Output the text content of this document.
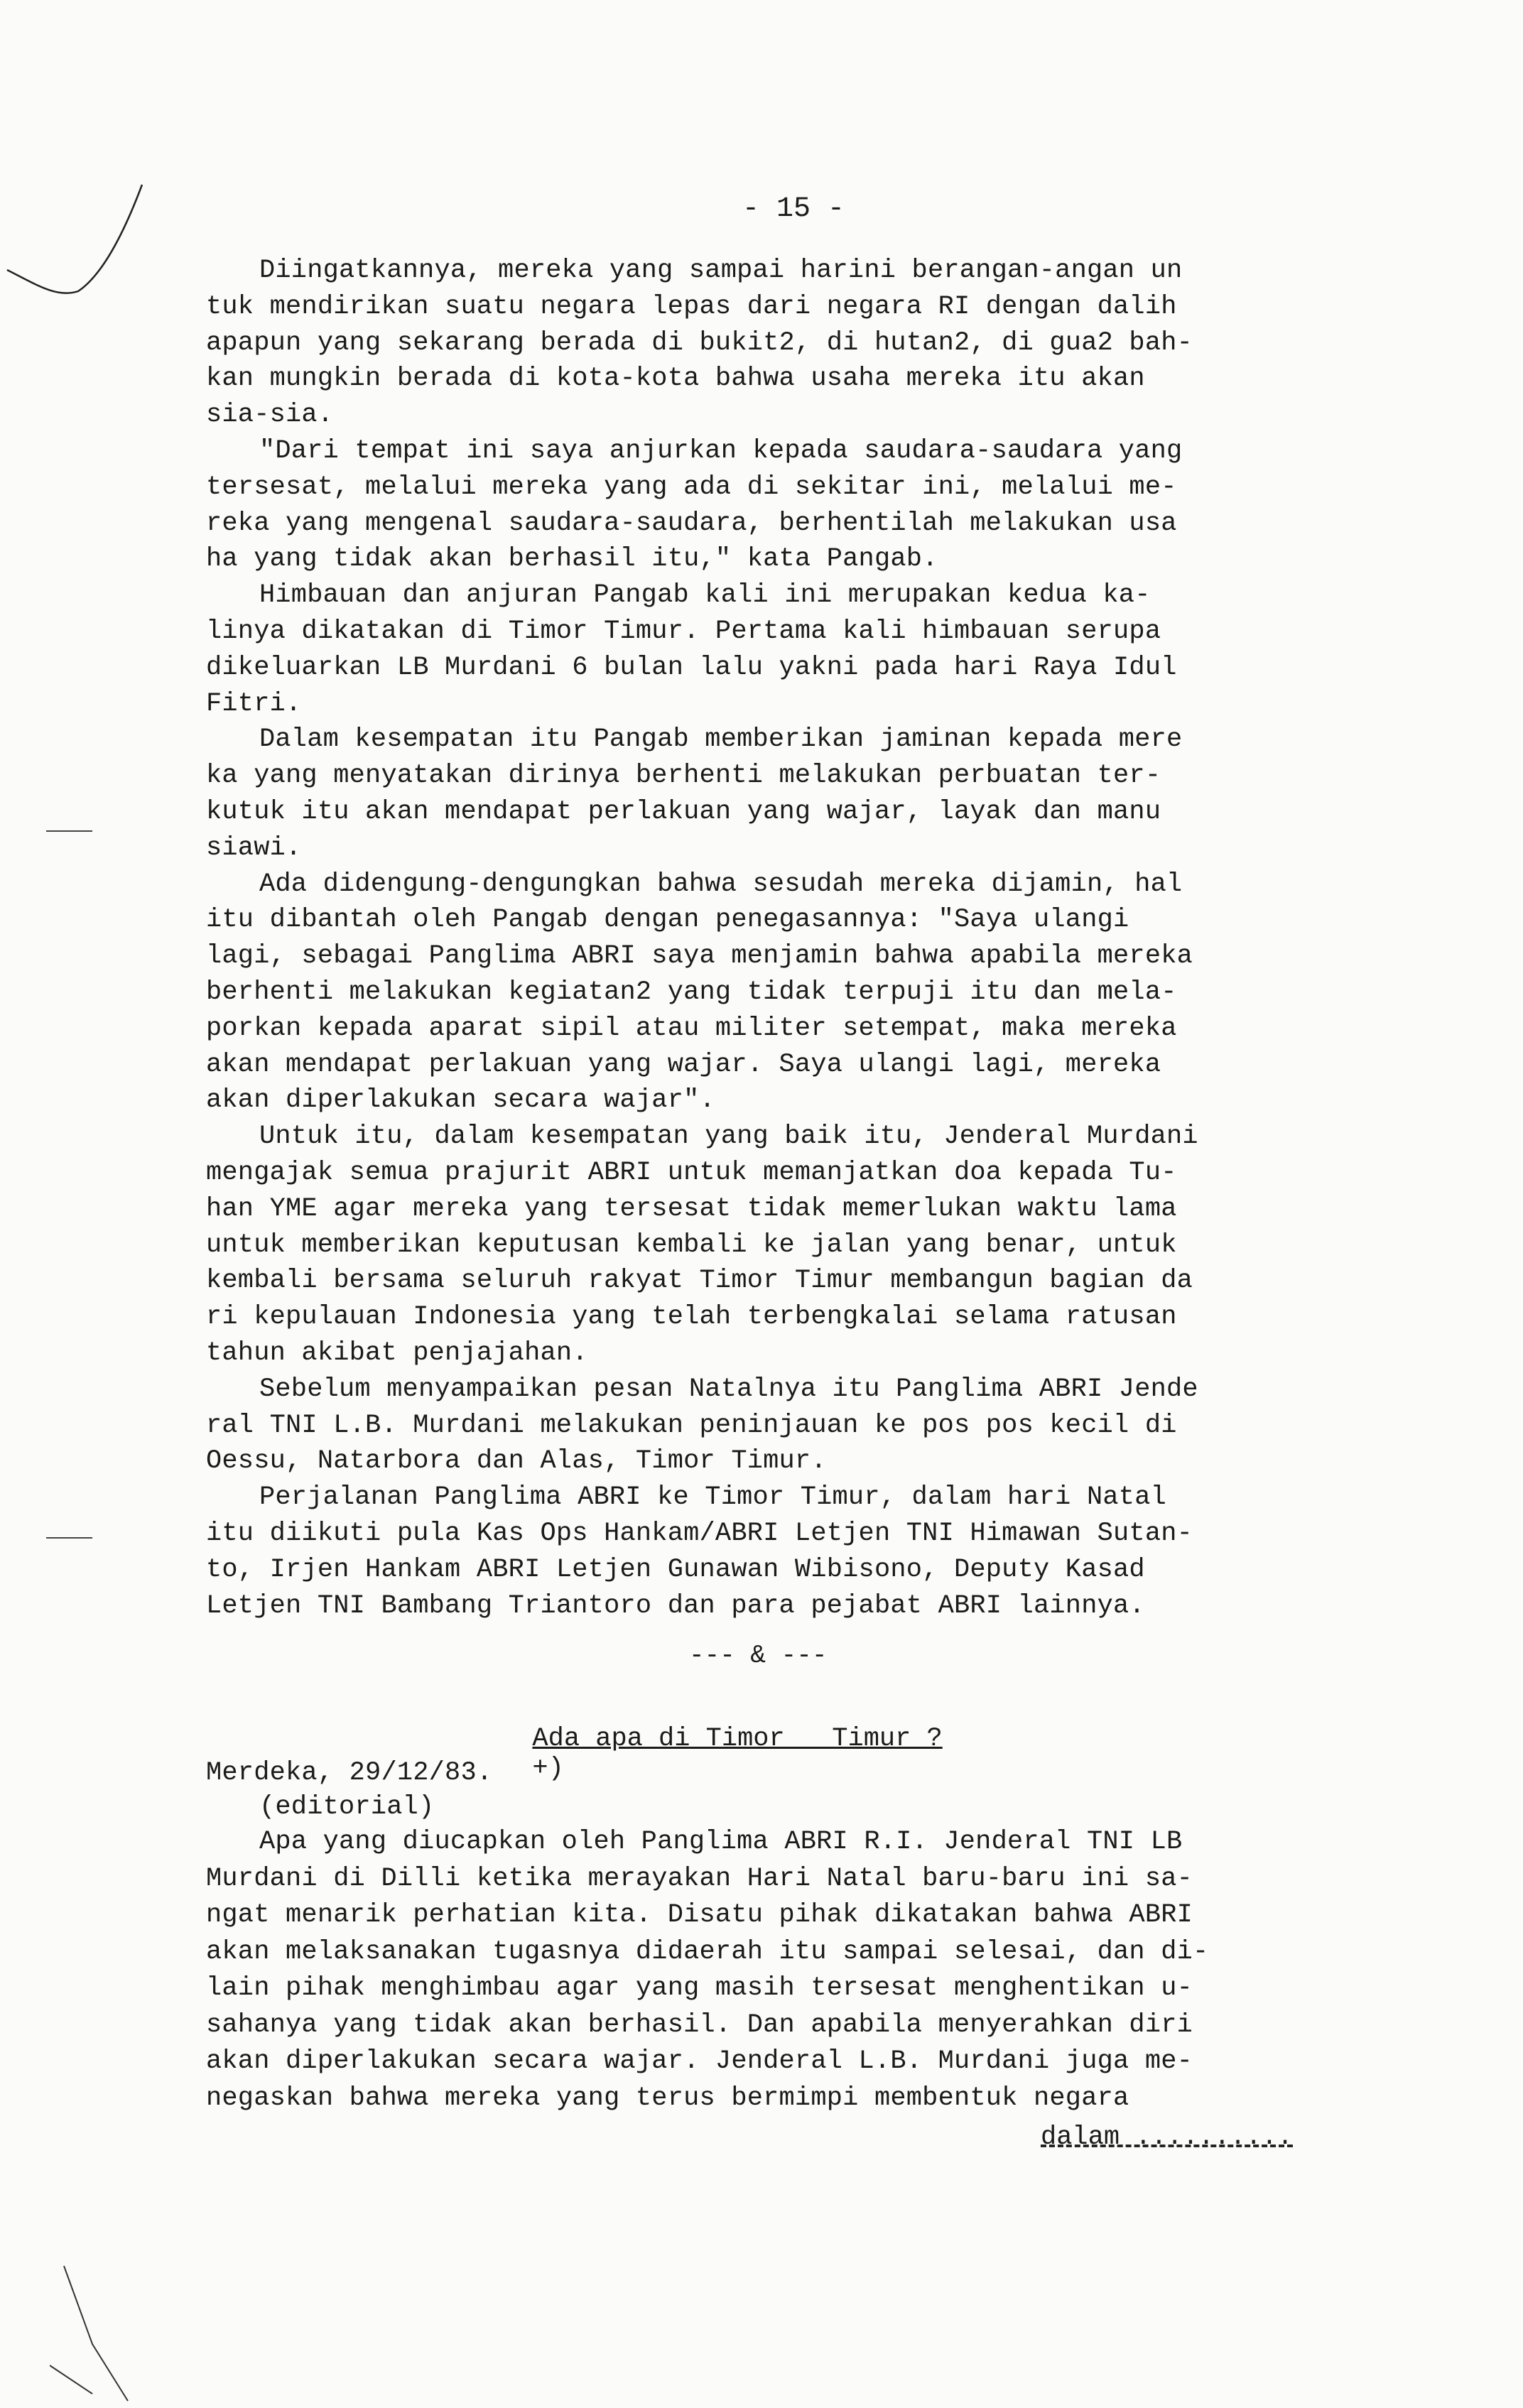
- 15 -
Diingatkannya, mereka yang sampai harini berangan-angan un
tuk mendirikan suatu negara lepas dari negara RI dengan dalih
apapun yang sekarang berada di bukit2, di hutan2, di gua2 bah-
kan mungkin berada di kota-kota bahwa usaha mereka itu akan
sia-sia.
"Dari tempat ini saya anjurkan kepada saudara-saudara yang
tersesat, melalui mereka yang ada di sekitar ini, melalui me-
reka yang mengenal saudara-saudara, berhentilah melakukan usa
ha yang tidak akan berhasil itu," kata Pangab.
Himbauan dan anjuran Pangab kali ini merupakan kedua ka-
linya dikatakan di Timor Timur. Pertama kali himbauan serupa
dikeluarkan LB Murdani 6 bulan lalu yakni pada hari Raya Idul
Fitri.
Dalam kesempatan itu Pangab memberikan jaminan kepada mere
ka yang menyatakan dirinya berhenti melakukan perbuatan ter-
kutuk itu akan mendapat perlakuan yang wajar, layak dan manu
siawi.
Ada didengung-dengungkan bahwa sesudah mereka dijamin, hal
itu dibantah oleh Pangab dengan penegasannya: "Saya ulangi
lagi, sebagai Panglima ABRI saya menjamin bahwa apabila mereka
berhenti melakukan kegiatan2 yang tidak terpuji itu dan mela-
porkan kepada aparat sipil atau militer setempat, maka mereka
akan mendapat perlakuan yang wajar. Saya ulangi lagi, mereka
akan diperlakukan secara wajar".
Untuk itu, dalam kesempatan yang baik itu, Jenderal Murdani
mengajak semua prajurit ABRI untuk memanjatkan doa kepada Tu-
han YME agar mereka yang tersesat tidak memerlukan waktu lama
untuk memberikan keputusan kembali ke jalan yang benar, untuk
kembali bersama seluruh rakyat Timor Timur membangun bagian da
ri kepulauan Indonesia yang telah terbengkalai selama ratusan
tahun akibat penjajahan.
Sebelum menyampaikan pesan Natalnya itu Panglima ABRI Jende
ral TNI L.B. Murdani melakukan peninjauan ke pos pos kecil di
Oessu, Natarbora dan Alas, Timor Timur.
Perjalanan Panglima ABRI ke Timor Timur, dalam hari Natal
itu diikuti pula Kas Ops Hankam/ABRI Letjen TNI Himawan Sutan-
to, Irjen Hankam ABRI Letjen Gunawan Wibisono, Deputy Kasad
Letjen TNI Bambang Triantoro dan para pejabat ABRI lainnya.
--- & ---

Ada apa di Timor   Timur ?
+)

Merdeka, 29/12/83.
(editorial)
Apa yang diucapkan oleh Panglima ABRI R.I. Jenderal TNI LB
Murdani di Dilli ketika merayakan Hari Natal baru-baru ini sa-
ngat menarik perhatian kita. Disatu pihak dikatakan bahwa ABRI
akan melaksanakan tugasnya didaerah itu sampai selesai, dan di-
lain pihak menghimbau agar yang masih tersesat menghentikan u-
sahanya yang tidak akan berhasil. Dan apabila menyerahkan diri
akan diperlakukan secara wajar. Jenderal L.B. Murdani juga me-
negaskan bahwa mereka yang terus bermimpi membentuk negara
dalam ..........
